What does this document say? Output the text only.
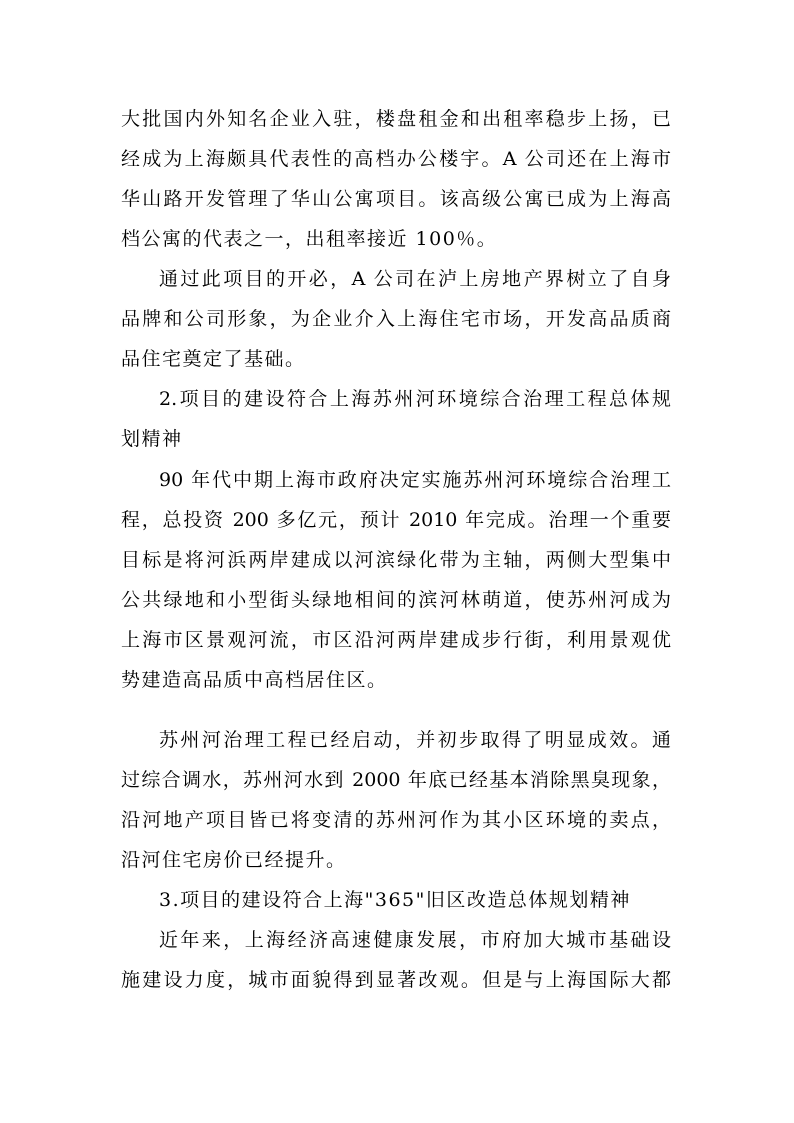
大批国内外知名企业入驻，楼盘租金和出租率稳步上扬，已

经成为上海颇具代表性的高档办公楼宇。A 公司还在上海市

华山路开发管理了华山公寓项目。该高级公寓已成为上海高

档公寓的代表之一，出租率接近 100％。

通过此项目的开必，A 公司在泸上房地产界树立了自身

品牌和公司形象，为企业介入上海住宅市场，开发高品质商

品住宅奠定了基础。

2.项目的建设符合上海苏州河环境综合治理工程总体规

划精神

90 年代中期上海市政府决定实施苏州河环境综合治理工

程，总投资 200 多亿元，预计 2010 年完成。治理一个重要

目标是将河浜两岸建成以河滨绿化带为主轴，两侧大型集中

公共绿地和小型街头绿地相间的滨河林萌道，使苏州河成为

上海市区景观河流，市区沿河两岸建成步行街，利用景观优

势建造高品质中高档居住区。

苏州河治理工程已经启动，并初步取得了明显成效。通

过综合调水，苏州河水到 2000 年底已经基本消除黑臭现象，

沿河地产项目皆已将变清的苏州河作为其小区环境的卖点，

沿河住宅房价已经提升。

3.项目的建设符合上海"365"旧区改造总体规划精神

近年来，上海经济高速健康发展，市府加大城市基础设

施建设力度，城市面貌得到显著改观。但是与上海国际大都
